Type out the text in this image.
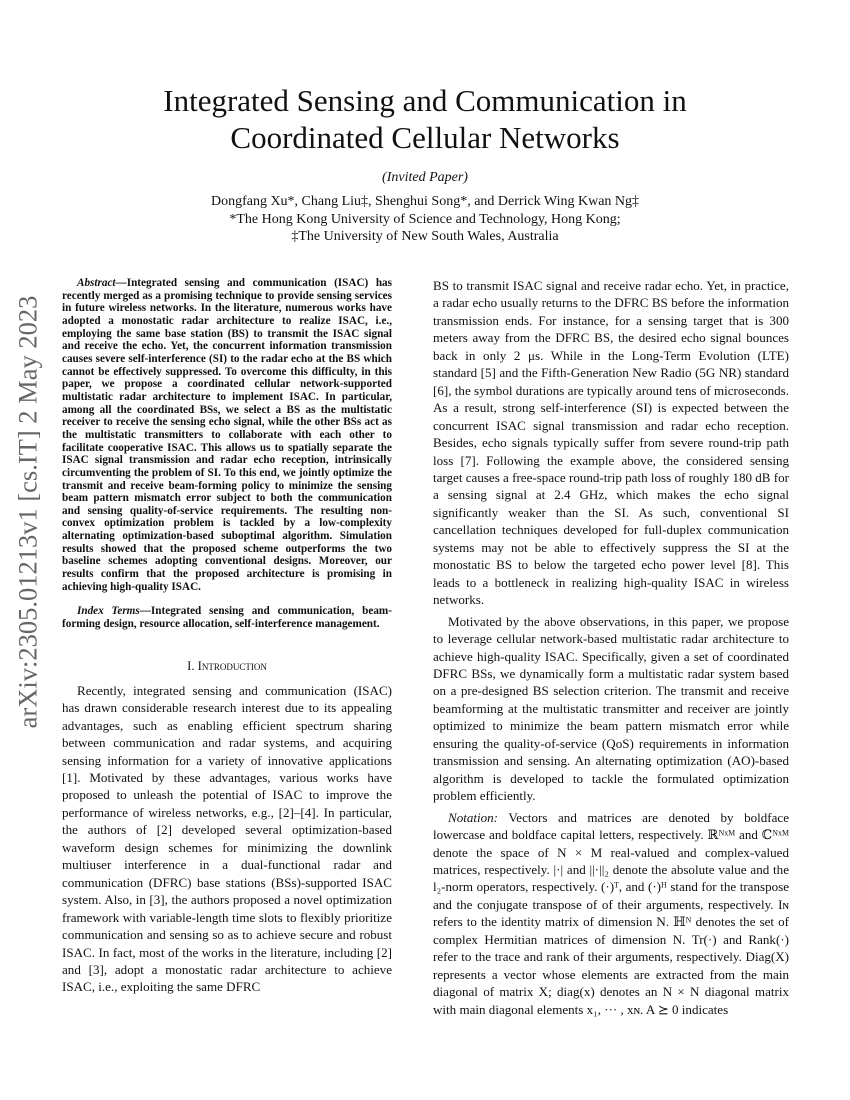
Integrated Sensing and Communication in
Coordinated Cellular Networks
(Invited Paper)
Dongfang Xu*, Chang Liu‡, Shenghui Song*, and Derrick Wing Kwan Ng‡
*The Hong Kong University of Science and Technology, Hong Kong;
‡The University of New South Wales, Australia
arXiv:2305.01213v1 [cs.IT] 2 May 2023

Abstract—Integrated sensing and communication (ISAC) has recently merged as a promising technique to provide sensing services in future wireless networks. In the literature, numerous works have adopted a monostatic radar architecture to realize ISAC, i.e., employing the same base station (BS) to transmit the ISAC signal and receive the echo. Yet, the concurrent information transmission causes severe self-interference (SI) to the radar echo at the BS which cannot be effectively suppressed. To overcome this difficulty, in this paper, we propose a coordinated cellular network-supported multistatic radar architecture to implement ISAC. In particular, among all the coordinated BSs, we select a BS as the multistatic receiver to receive the sensing echo signal, while the other BSs act as the multistatic transmitters to collaborate with each other to facilitate cooperative ISAC. This allows us to spatially separate the ISAC signal transmission and radar echo reception, intrinsically circumventing the problem of SI. To this end, we jointly optimize the transmit and receive beam-forming policy to minimize the sensing beam pattern mismatch error subject to both the communication and sensing quality-of-service requirements. The resulting non-convex optimization problem is tackled by a low-complexity alternating optimization-based suboptimal algorithm. Simulation results showed that the proposed scheme outperforms the two baseline schemes adopting conventional designs. Moreover, our results confirm that the proposed architecture is promising in achieving high-quality ISAC.

Index Terms—Integrated sensing and communication, beam-forming design, resource allocation, self-interference management.

I. Introduction

Recently, integrated sensing and communication (ISAC) has drawn considerable research interest due to its appealing advantages, such as enabling efficient spectrum sharing between communication and radar systems, and acquiring sensing information for a variety of innovative applications [1]. Motivated by these advantages, various works have proposed to unleash the potential of ISAC to improve the performance of wireless networks, e.g., [2]–[4]. In particular, the authors of [2] developed several optimization-based waveform design schemes for minimizing the downlink multiuser interference in a dual-functional radar and communication (DFRC) base stations (BSs)-supported ISAC system. Also, in [3], the authors proposed a novel optimization framework with variable-length time slots to flexibly prioritize communication and sensing so as to achieve secure and robust ISAC. In fact, most of the works in the literature, including [2] and [3], adopt a monostatic radar architecture to achieve ISAC, i.e., exploiting the same DFRC

BS to transmit ISAC signal and receive radar echo. Yet, in practice, a radar echo usually returns to the DFRC BS before the information transmission ends. For instance, for a sensing target that is 300 meters away from the DFRC BS, the desired echo signal bounces back in only 2 μs. While in the Long-Term Evolution (LTE) standard [5] and the Fifth-Generation New Radio (5G NR) standard [6], the symbol durations are typically around tens of microseconds. As a result, strong self-interference (SI) is expected between the concurrent ISAC signal transmission and radar echo reception. Besides, echo signals typically suffer from severe round-trip path loss [7]. Following the example above, the considered sensing target causes a free-space round-trip path loss of roughly 180 dB for a sensing signal at 2.4 GHz, which makes the echo signal significantly weaker than the SI. As such, conventional SI cancellation techniques developed for full-duplex communication systems may not be able to effectively suppress the SI at the monostatic BS to below the targeted echo power level [8]. This leads to a bottleneck in realizing high-quality ISAC in wireless networks.

Motivated by the above observations, in this paper, we propose to leverage cellular network-based multistatic radar architecture to achieve high-quality ISAC. Specifically, given a set of coordinated DFRC BSs, we dynamically form a multistatic radar system based on a pre-designed BS selection criterion. The transmit and receive beamforming at the multistatic transmitter and receiver are jointly optimized to minimize the beam pattern mismatch error while ensuring the quality-of-service (QoS) requirements in information transmission and sensing. An alternating optimization (AO)-based algorithm is developed to tackle the formulated optimization problem efficiently.

Notation: Vectors and matrices are denoted by boldface lowercase and boldface capital letters, respectively. ℝᴺˣᴹ and ℂᴺˣᴹ denote the space of N × M real-valued and complex-valued matrices, respectively. |·| and ||·||₂ denote the absolute value and the l₂-norm operators, respectively. (·)ᵀ, and (·)ᴴ stand for the transpose and the conjugate transpose of of their arguments, respectively. Iɴ refers to the identity matrix of dimension N. ℍᴺ denotes the set of complex Hermitian matrices of dimension N. Tr(·) and Rank(·) refer to the trace and rank of their arguments, respectively. Diag(X) represents a vector whose elements are extracted from the main diagonal of matrix X; diag(x) denotes an N × N diagonal matrix with main diagonal elements x₁, ··· , xɴ. A ⪰ 0 indicates
